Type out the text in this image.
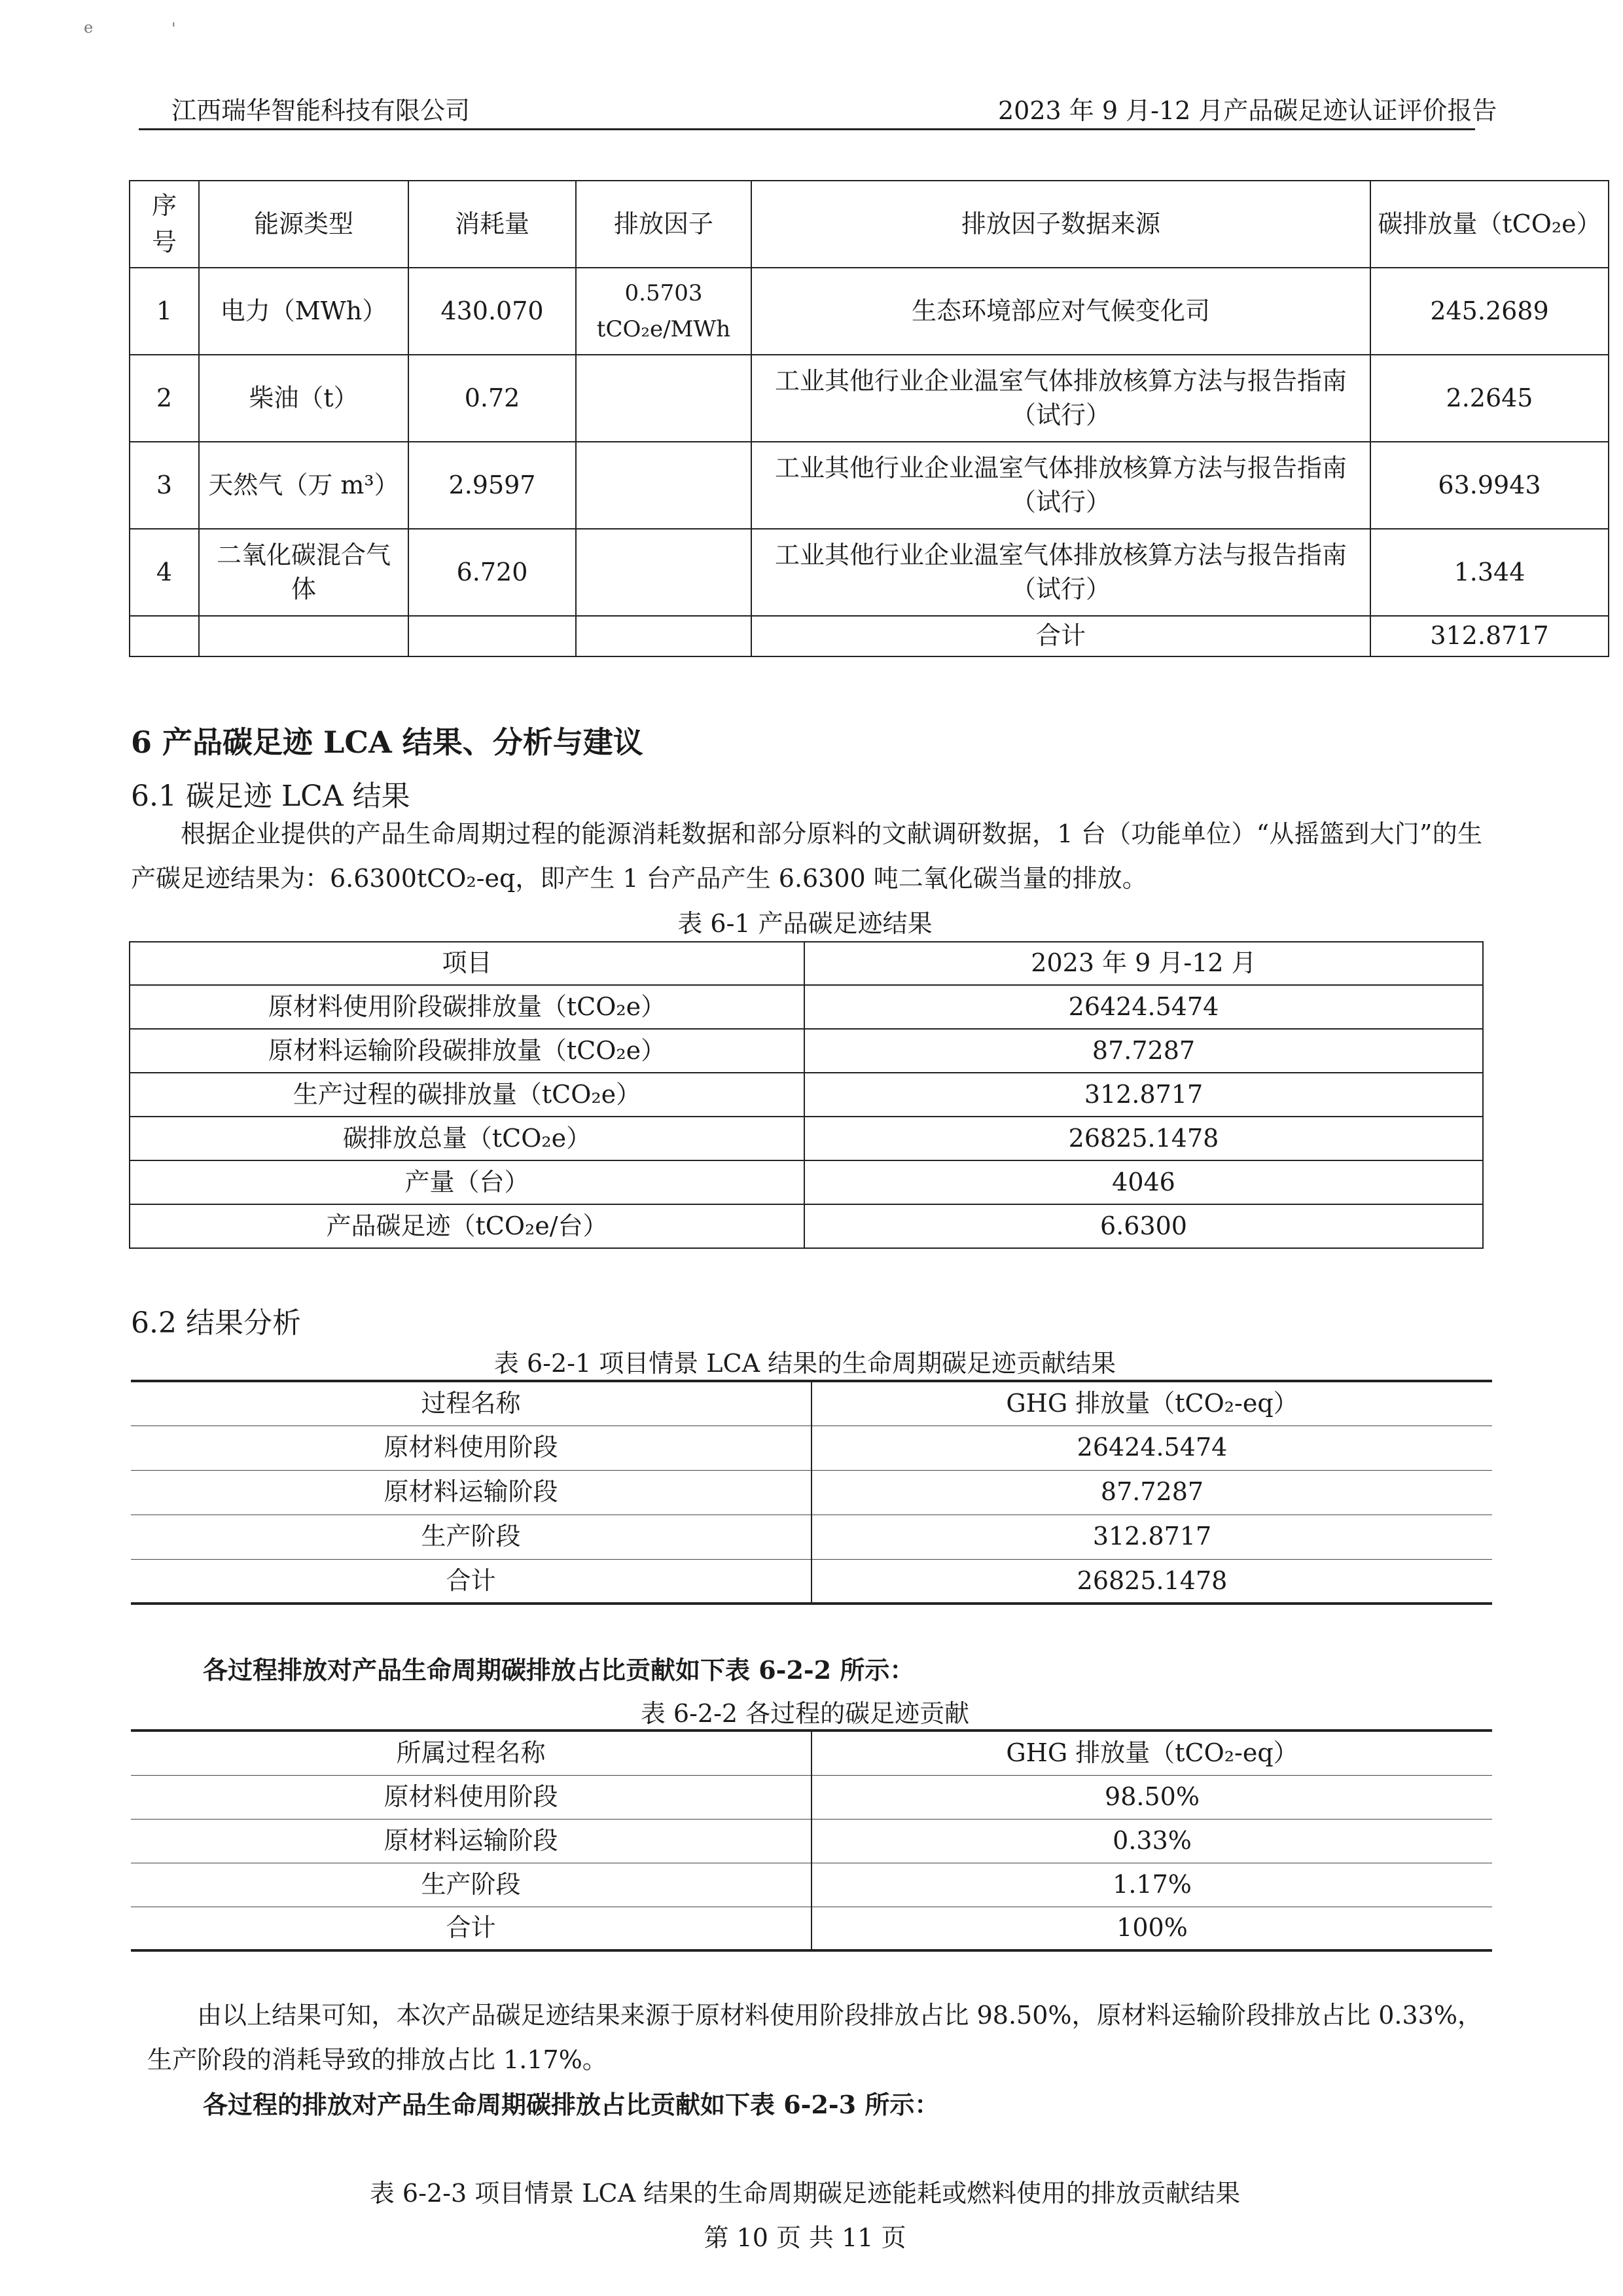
e	'
江西瑞华智能科技有限公司	2023 年 9 月-12 月产品碳足迹认证评价报告
序
号	能源类型	消耗量	排放因子	排放因子数据来源	碳排放量（tCO₂e）
1	电力（MWh）	430.070	0.5703 tCO₂e/MWh	生态环境部应对气候变化司	245.2689
2	柴油（t）	0.72		工业其他行业企业温室气体排放核算方法与报告指南（试行）	2.2645
3	天然气（万 m³）	2.9597		工业其他行业企业温室气体排放核算方法与报告指南（试行）	63.9943
4	二氧化碳混合气体	6.720		工业其他行业企业温室气体排放核算方法与报告指南（试行）	1.344
				合计	312.8717
6 产品碳足迹 LCA 结果、分析与建议
6.1 碳足迹 LCA 结果
根据企业提供的产品生命周期过程的能源消耗数据和部分原料的文献调研数据，1 台（功能单位）“从摇篮到大门”的生产碳足迹结果为：6.6300tCO₂-eq，即产生 1 台产品产生 6.6300 吨二氧化碳当量的排放。
表 6-1 产品碳足迹结果
项目	2023 年 9 月-12 月
原材料使用阶段碳排放量（tCO₂e）	26424.5474
原材料运输阶段碳排放量（tCO₂e）	87.7287
生产过程的碳排放量（tCO₂e）	312.8717
碳排放总量（tCO₂e）	26825.1478
产量（台）	4046
产品碳足迹（tCO₂e/台）	6.6300
6.2 结果分析
表 6-2-1 项目情景 LCA 结果的生命周期碳足迹贡献结果
过程名称	GHG 排放量（tCO₂-eq）
原材料使用阶段	26424.5474
原材料运输阶段	87.7287
生产阶段	312.8717
合计	26825.1478
各过程排放对产品生命周期碳排放占比贡献如下表 6-2-2 所示：
表 6-2-2 各过程的碳足迹贡献
所属过程名称	GHG 排放量（tCO₂-eq）
原材料使用阶段	98.50%
原材料运输阶段	0.33%
生产阶段	1.17%
合计	100%
由以上结果可知，本次产品碳足迹结果来源于原材料使用阶段排放占比 98.50%，原材料运输阶段排放占比 0.33%，生产阶段的消耗导致的排放占比 1.17%。
各过程的排放对产品生命周期碳排放占比贡献如下表 6-2-3 所示：
表 6-2-3 项目情景 LCA 结果的生命周期碳足迹能耗或燃料使用的排放贡献结果
第 10 页 共 11 页
